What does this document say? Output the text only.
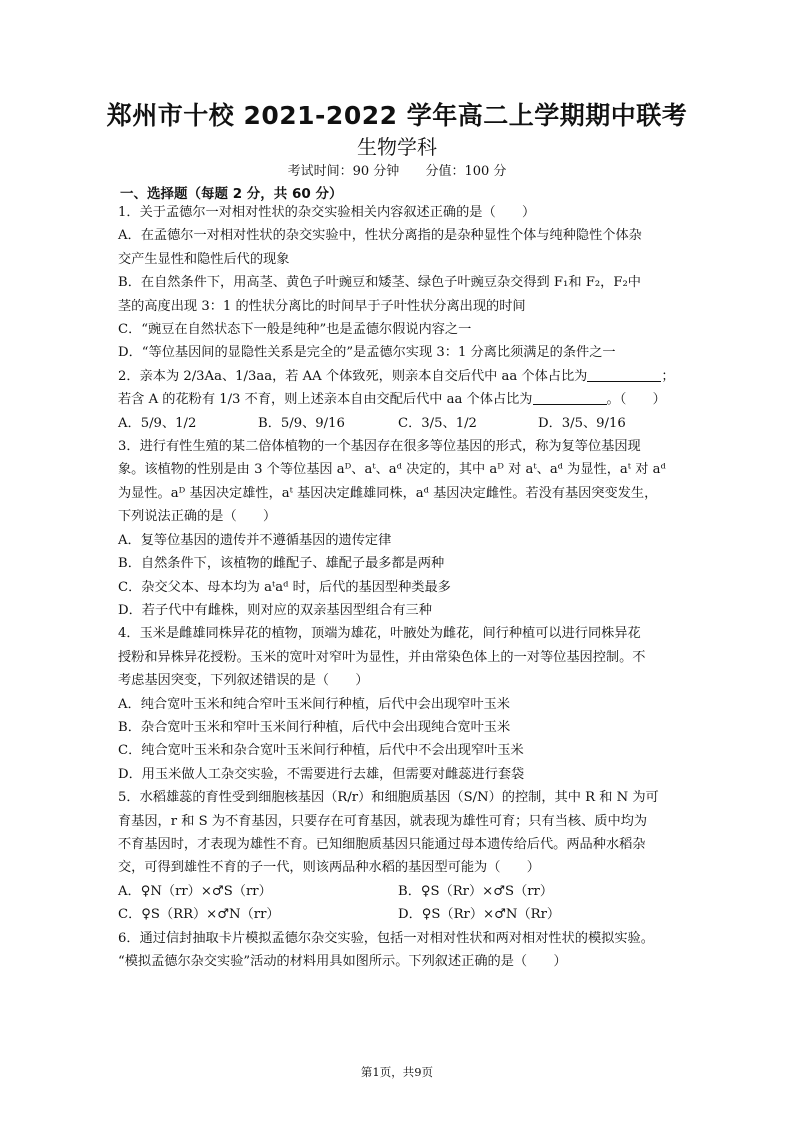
郑州市十校 2021-2022 学年高二上学期期中联考
生物学科
考试时间：90 分钟 分值：100 分
一、选择题（每题 2 分，共 60 分）

1．关于孟德尔一对相对性状的杂交实验相关内容叙述正确的是（　　）

A．在孟德尔一对相对性状的杂交实验中，性状分离指的是杂种显性个体与纯种隐性个体杂

交产生显性和隐性后代的现象

B．在自然条件下，用高茎、黄色子叶豌豆和矮茎、绿色子叶豌豆杂交得到 F₁和 F₂，F₂中

茎的高度出现 3：1 的性状分离比的时间早于子叶性状分离出现的时间

C．“豌豆在自然状态下一般是纯种”也是孟德尔假说内容之一

D．“等位基因间的显隐性关系是完全的”是孟德尔实现 3：1 分离比须满足的条件之一

2．亲本为 2/3Aa、1/3aa，若 AA 个体致死，则亲本自交后代中 aa 个体占比为	；

若含 A 的花粉有 1/3 不育，则上述亲本自由交配后代中 aa 个体占比为	。（　　）

A．5/9、1/2	B．5/9、9/16	C．3/5、1/2	D．3/5、9/16

3．进行有性生殖的某二倍体植物的一个基因存在很多等位基因的形式，称为复等位基因现

象。该植物的性别是由 3 个等位基因 aᴰ、aᵗ、aᵈ 决定的，其中 aᴰ 对 aᵗ、aᵈ 为显性，aᵗ 对 aᵈ

为显性。aᴰ 基因决定雄性，aᵗ 基因决定雌雄同株，aᵈ 基因决定雌性。若没有基因突变发生，

下列说法正确的是（　　）

A．复等位基因的遗传并不遵循基因的遗传定律

B．自然条件下，该植物的雌配子、雄配子最多都是两种

C．杂交父本、母本均为 aᵗaᵈ 时，后代的基因型种类最多

D．若子代中有雌株，则对应的双亲基因型组合有三种

4．玉米是雌雄同株异花的植物，顶端为雄花，叶腋处为雌花，间行种植可以进行同株异花

授粉和异株异花授粉。玉米的宽叶对窄叶为显性，并由常染色体上的一对等位基因控制。不

考虑基因突变，下列叙述错误的是（　　）

A．纯合宽叶玉米和纯合窄叶玉米间行种植，后代中会出现窄叶玉米

B．杂合宽叶玉米和窄叶玉米间行种植，后代中会出现纯合宽叶玉米

C．纯合宽叶玉米和杂合宽叶玉米间行种植，后代中不会出现窄叶玉米

D．用玉米做人工杂交实验，不需要进行去雄，但需要对雌蕊进行套袋

5．水稻雄蕊的育性受到细胞核基因（R/r）和细胞质基因（S/N）的控制，其中 R 和 N 为可

育基因，r 和 S 为不育基因，只要存在可育基因，就表现为雄性可育；只有当核、质中均为

不育基因时，才表现为雄性不育。已知细胞质基因只能通过母本遗传给后代。两品种水稻杂

交，可得到雄性不育的子一代，则该两品种水稻的基因型可能为（　　）

A．♀N（rr）×♂S（rr）	B．♀S（Rr）×♂S（rr）
C．♀S（RR）×♂N（rr）	D．♀S（Rr）×♂N（Rr）

6．通过信封抽取卡片模拟孟德尔杂交实验，包括一对相对性状和两对相对性状的模拟实验。

“模拟孟德尔杂交实验”活动的材料用具如图所示。下列叙述正确的是（　　）

第1页，共9页
